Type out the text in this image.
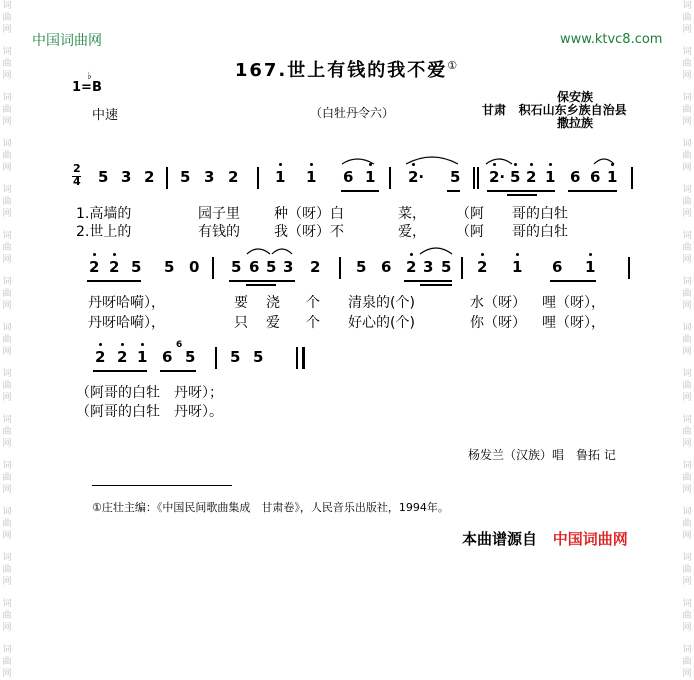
词
曲
网
词
曲
网
词
曲
网
词
曲
网
词
曲
网
词
曲
网
词
曲
网
词
曲
网
词
曲
网
词
曲
网
词
曲
网
词
曲
网
词
曲
网
词
曲
网
词
曲
网
词
曲
网
词
曲
网
词
曲
网
词
曲
网
词
曲
网
词
曲
网
词
曲
网
词
曲
网
词
曲
网
词
曲
网
词
曲
网
词
曲
网
词
曲
网
词
曲
网
词
曲
网
中国词曲网	www.ktvc8.com
167.世上有钱的我不爱①
1=B
♭
中速	（白牡丹令六）
保安族
甘肃 积石山东乡族自治县
撒拉族
2
4 5 3 2 5 3 2 1 1 6 1 2· 5 2· 5 2 1 6 6 1
1.高墙的	园子里 种（呀）白	菜， （阿 哥的白牡
2.世上的	有钱的 我（呀）不	爱， （阿 哥的白牡
2 2 5 5 0 5 6 5 3 2 5 6 2 3 5 2 1 6 1
丹呀哈嗬），	要 浇 个 清泉的(个)	水（呀） 哩（呀），
丹呀哈嗬），	只 爱 个 好心的(个)	你（呀） 哩（呀），
2 2 1 6
6
5 5 5
（阿哥的白牡　丹呀）；
（阿哥的白牡　丹呀）。
杨发兰（汉族）唱　鲁拓 记
①庄壮主编：《中国民间歌曲集成　甘肃卷》，人民音乐出版社，1994年。
本曲谱源自 中国词曲网
